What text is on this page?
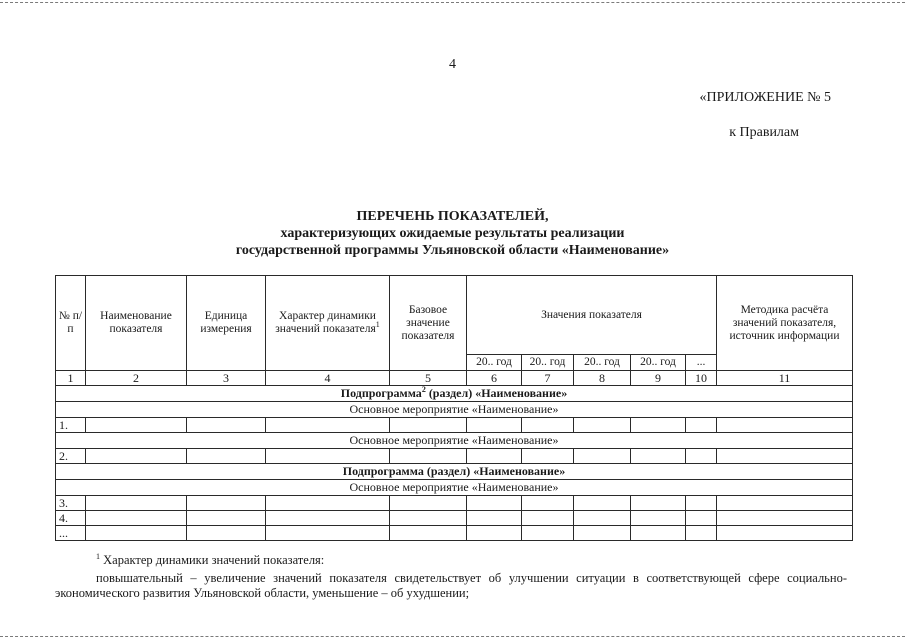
4
«ПРИЛОЖЕНИЕ № 5
к Правилам
ПЕРЕЧЕНЬ ПОКАЗАТЕЛЕЙ,
характеризующих ожидаемые результаты реализации
государственной программы Ульяновской области «Наименование»
№ п/п	Наименование показателя	Единица измерения	Характер динамики значений показателя$^1$	Базовое значение показателя	Значения показателя					Методика расчёта значений показателя, источник информации
					20.. год	20.. год	20.. год	20.. год	...	
1	2	3	4	5	6	7	8	9	10	11
Подпрограмма$^2$ (раздел) «Наименование»										
Основное мероприятие «Наименование»										
1.										
Основное мероприятие «Наименование»										
2.										
Подпрограмма (раздел) «Наименование»										
Основное мероприятие «Наименование»										
3.										
4.										
...										

$^1$ Характер динамики значений показателя:

повышательный – увеличение значений показателя свидетельствует об улучшении ситуации в соответствующей сфере социально-экономического развития Ульяновской области, уменьшение – об ухудшении;
